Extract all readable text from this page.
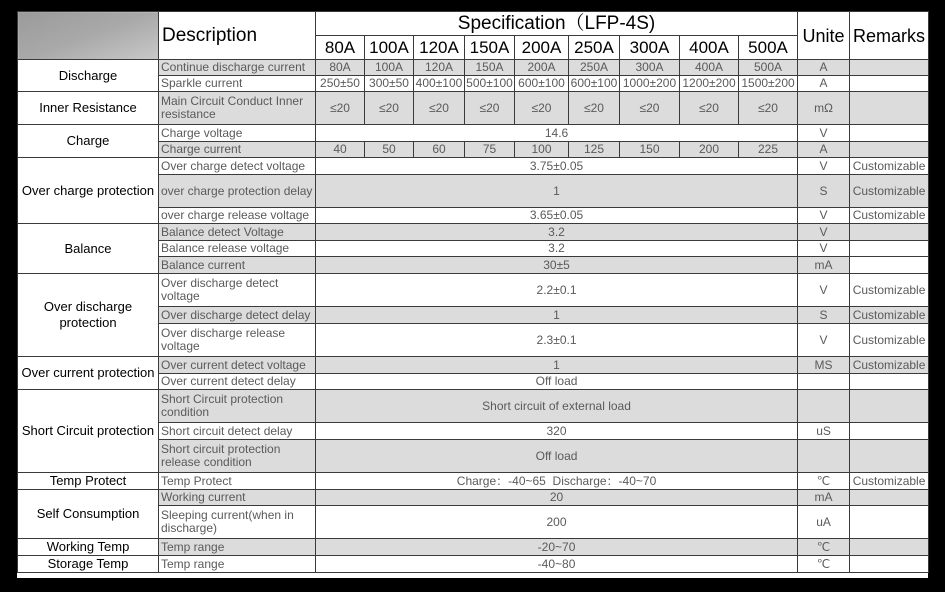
	Description	Specification（LFP-4S)									Unite	Remarks
		80A	100A	120A	150A	200A	250A	300A	400A	500A		
Discharge	Continue discharge current	80A	100A	120A	150A	200A	250A	300A	400A	500A	A	
	Sparkle current	250±50	300±50	400±100	500±100	600±100	600±100	1000±200	1200±200	1500±200	A	
Inner Resistance	Main Circuit Conduct Inner resistance	≤20	≤20	≤20	≤20	≤20	≤20	≤20	≤20	≤20	mΩ	
Charge	Charge voltage	14.6									V	
	Charge current	40	50	60	75	100	125	150	200	225	A	
Over charge protection	Over charge detect voltage	3.75±0.05									V	Customizable
	over charge protection delay	1									S	Customizable
	over charge release voltage	3.65±0.05									V	Customizable
Balance	Balance detect Voltage	3.2									V	
	Balance release voltage	3.2									V	
	Balance current	30±5									mA	
Over discharge protection	Over discharge detect voltage	2.2±0.1									V	Customizable
	Over discharge detect delay	1									S	Customizable
	Over discharge release voltage	2.3±0.1									V	Customizable
Over current protection	Over current detect voltage	1									MS	Customizable
	Over current detect delay	Off load										
Short Circuit protection	Short Circuit protection condition	Short circuit of external load										
	Short circuit detect delay	320									uS	
	Short circuit protection release condition	Off load										
Temp Protect	Temp Protect	Charge：-40~65  Discharge：-40~70									℃	Customizable
Self Consumption	Working current	20									mA	
	Sleeping current(when in discharge)	200									uA	
Working Temp	Temp range	-20~70									℃	
Storage Temp	Temp range	-40~80									℃	
